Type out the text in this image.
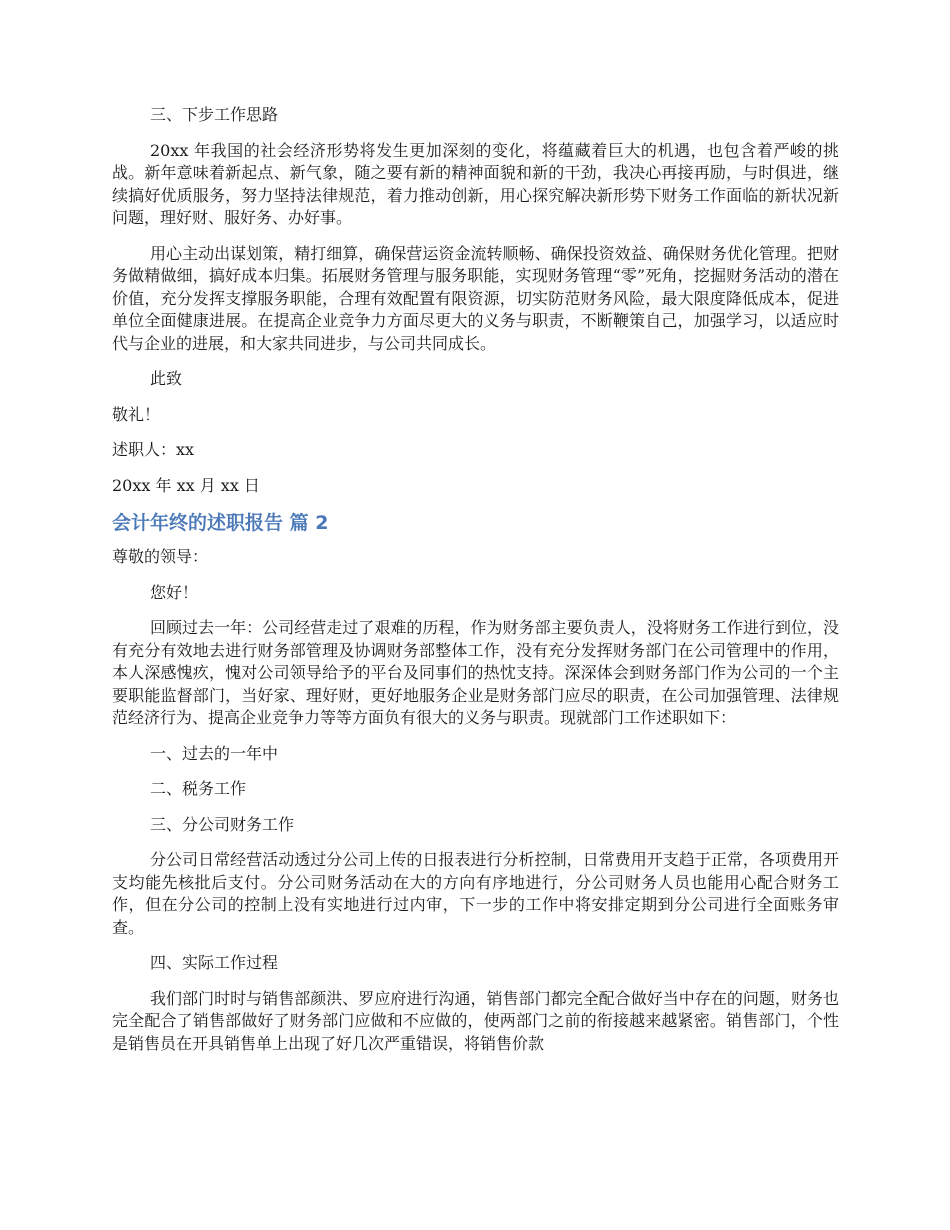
三、下步工作思路

20xx 年我国的社会经济形势将发生更加深刻的变化，将蕴藏着巨大的机遇，也包含着严峻的挑战。新年意味着新起点、新气象，随之要有新的精神面貌和新的干劲，我决心再接再励，与时俱进，继续搞好优质服务，努力坚持法律规范，着力推动创新，用心探究解决新形势下财务工作面临的新状况新问题，理好财、服好务、办好事。

用心主动出谋划策，精打细算，确保营运资金流转顺畅、确保投资效益、确保财务优化管理。把财务做精做细，搞好成本归集。拓展财务管理与服务职能，实现财务管理“零”死角，挖掘财务活动的潜在价值，充分发挥支撑服务职能，合理有效配置有限资源，切实防范财务风险，最大限度降低成本，促进单位全面健康进展。在提高企业竞争力方面尽更大的义务与职责，不断鞭策自己，加强学习，以适应时代与企业的进展，和大家共同进步，与公司共同成长。

此致

敬礼！

述职人：xx

20xx 年 xx 月 xx 日

会计年终的述职报告 篇 2

尊敬的领导：

您好！

回顾过去一年：公司经营走过了艰难的历程，作为财务部主要负责人，没将财务工作进行到位，没有充分有效地去进行财务部管理及协调财务部整体工作，没有充分发挥财务部门在公司管理中的作用，本人深感愧疚，愧对公司领导给予的平台及同事们的热忱支持。深深体会到财务部门作为公司的一个主要职能监督部门，当好家、理好财，更好地服务企业是财务部门应尽的职责，在公司加强管理、法律规范经济行为、提高企业竞争力等等方面负有很大的义务与职责。现就部门工作述职如下：

一、过去的一年中

二、税务工作

三、分公司财务工作

分公司日常经营活动透过分公司上传的日报表进行分析控制，日常费用开支趋于正常，各项费用开支均能先核批后支付。分公司财务活动在大的方向有序地进行，分公司财务人员也能用心配合财务工作，但在分公司的控制上没有实地进行过内审，下一步的工作中将安排定期到分公司进行全面账务审查。

四、实际工作过程

我们部门时时与销售部颜洪、罗应府进行沟通，销售部门都完全配合做好当中存在的问题，财务也完全配合了销售部做好了财务部门应做和不应做的，使两部门之前的衔接越来越紧密。销售部门，个性是销售员在开具销售单上出现了好几次严重错误，将销售价款
